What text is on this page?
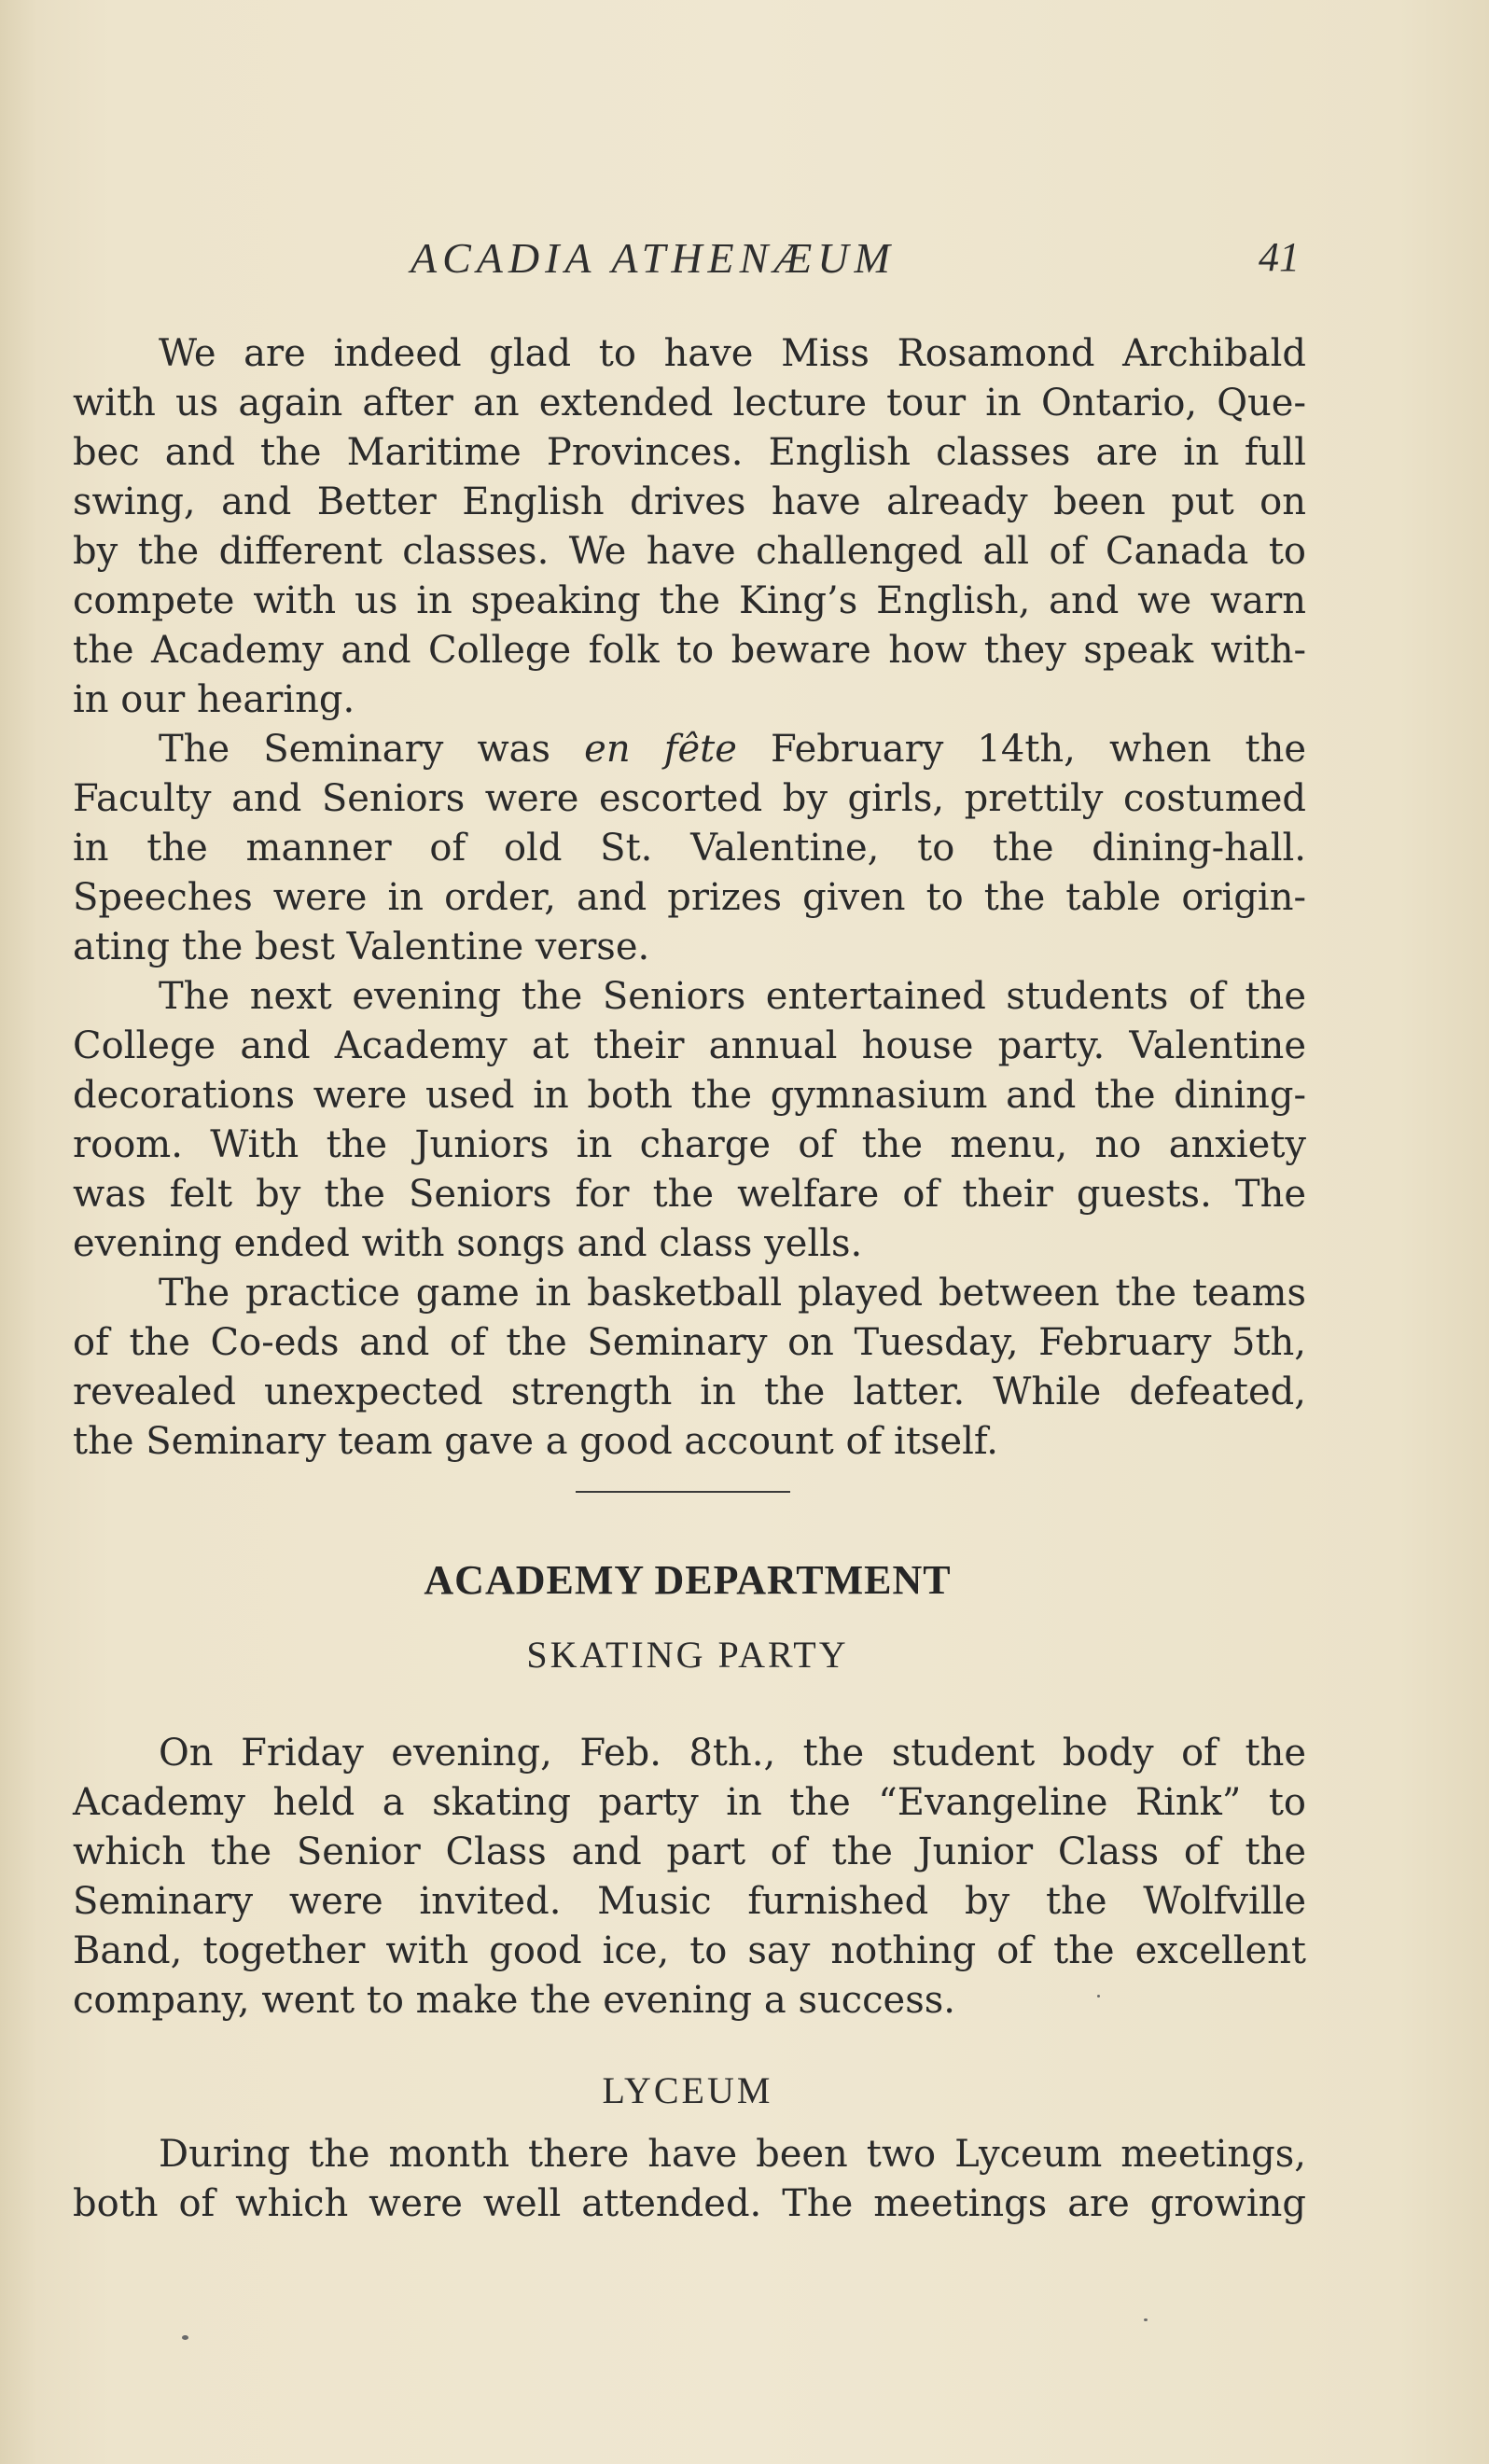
ACADIA ATHENÆUM	41
We are indeed glad to have Miss Rosamond Archibald
with us again after an extended lecture tour in Ontario, Que-
bec and the Maritime Provinces. English classes are in full
swing, and Better English drives have already been put on
by the different classes. We have challenged all of Canada to
compete with us in speaking the King’s English, and we warn
the Academy and College folk to beware how they speak with-
in our hearing.
The Seminary was en fête February 14th, when the
Faculty and Seniors were escorted by girls, prettily costumed
in the manner of old St. Valentine, to the dining-hall.
Speeches were in order, and prizes given to the table origin-
ating the best Valentine verse.
The next evening the Seniors entertained students of the
College and Academy at their annual house party. Valentine
decorations were used in both the gymnasium and the dining-
room. With the Juniors in charge of the menu, no anxiety
was felt by the Seniors for the welfare of their guests. The
evening ended with songs and class yells.
The practice game in basketball played between the teams
of the Co-eds and of the Seminary on Tuesday, February 5th,
revealed unexpected strength in the latter. While defeated,
the Seminary team gave a good account of itself.
ACADEMY DEPARTMENT
SKATING PARTY
On Friday evening, Feb. 8th., the student body of the
Academy held a skating party in the “Evangeline Rink” to
which the Senior Class and part of the Junior Class of the
Seminary were invited. Music furnished by the Wolfville
Band, together with good ice, to say nothing of the excellent
company, went to make the evening a success.
LYCEUM
During the month there have been two Lyceum meetings,
both of which were well attended. The meetings are growing
